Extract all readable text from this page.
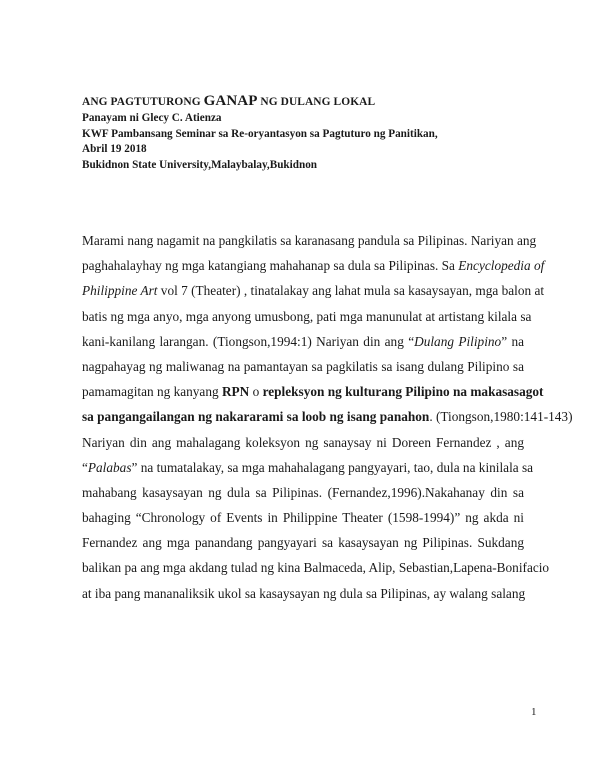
ANG PAGTUTURONG GANAP NG DULANG LOKAL
Panayam ni Glecy C. Atienza
KWF Pambansang Seminar sa Re-oryantasyon sa Pagtuturo ng Panitikan,
Abril 19 2018
Bukidnon State University,Malaybalay,Bukidnon
Marami nang nagamit na pangkilatis sa karanasang pandula sa Pilipinas. Nariyan ang
paghahalayhay ng mga katangiang mahahanap sa dula sa Pilipinas. Sa Encyclopedia of
Philippine Art vol 7 (Theater) , tinatalakay ang lahat mula sa kasaysayan, mga balon at
batis ng mga anyo, mga anyong umusbong, pati mga manunulat at artistang kilala sa
kani-kanilang larangan. (Tiongson,1994:1) Nariyan din ang “Dulang Pilipino” na
nagpahayag ng maliwanag na pamantayan sa pagkilatis sa isang dulang Pilipino sa
pamamagitan ng kanyang RPN o repleksyon ng kulturang Pilipino na makasasagot
sa pangangailangan ng nakararami sa loob ng isang panahon. (Tiongson,1980:141-143)
Nariyan din ang mahalagang koleksyon ng sanaysay ni Doreen Fernandez , ang
“Palabas” na tumatalakay, sa mga mahahalagang pangyayari, tao, dula na kinilala sa
mahabang kasaysayan ng dula sa Pilipinas. (Fernandez,1996).Nakahanay din sa
bahaging “Chronology of Events in Philippine Theater (1598-1994)” ng akda ni
Fernandez ang mga panandang pangyayari sa kasaysayan ng Pilipinas. Sukdang
balikan pa ang mga akdang tulad ng kina Balmaceda, Alip, Sebastian,Lapena-Bonifacio
at iba pang mananaliksik ukol sa kasaysayan ng dula sa Pilipinas, ay walang salang
1
